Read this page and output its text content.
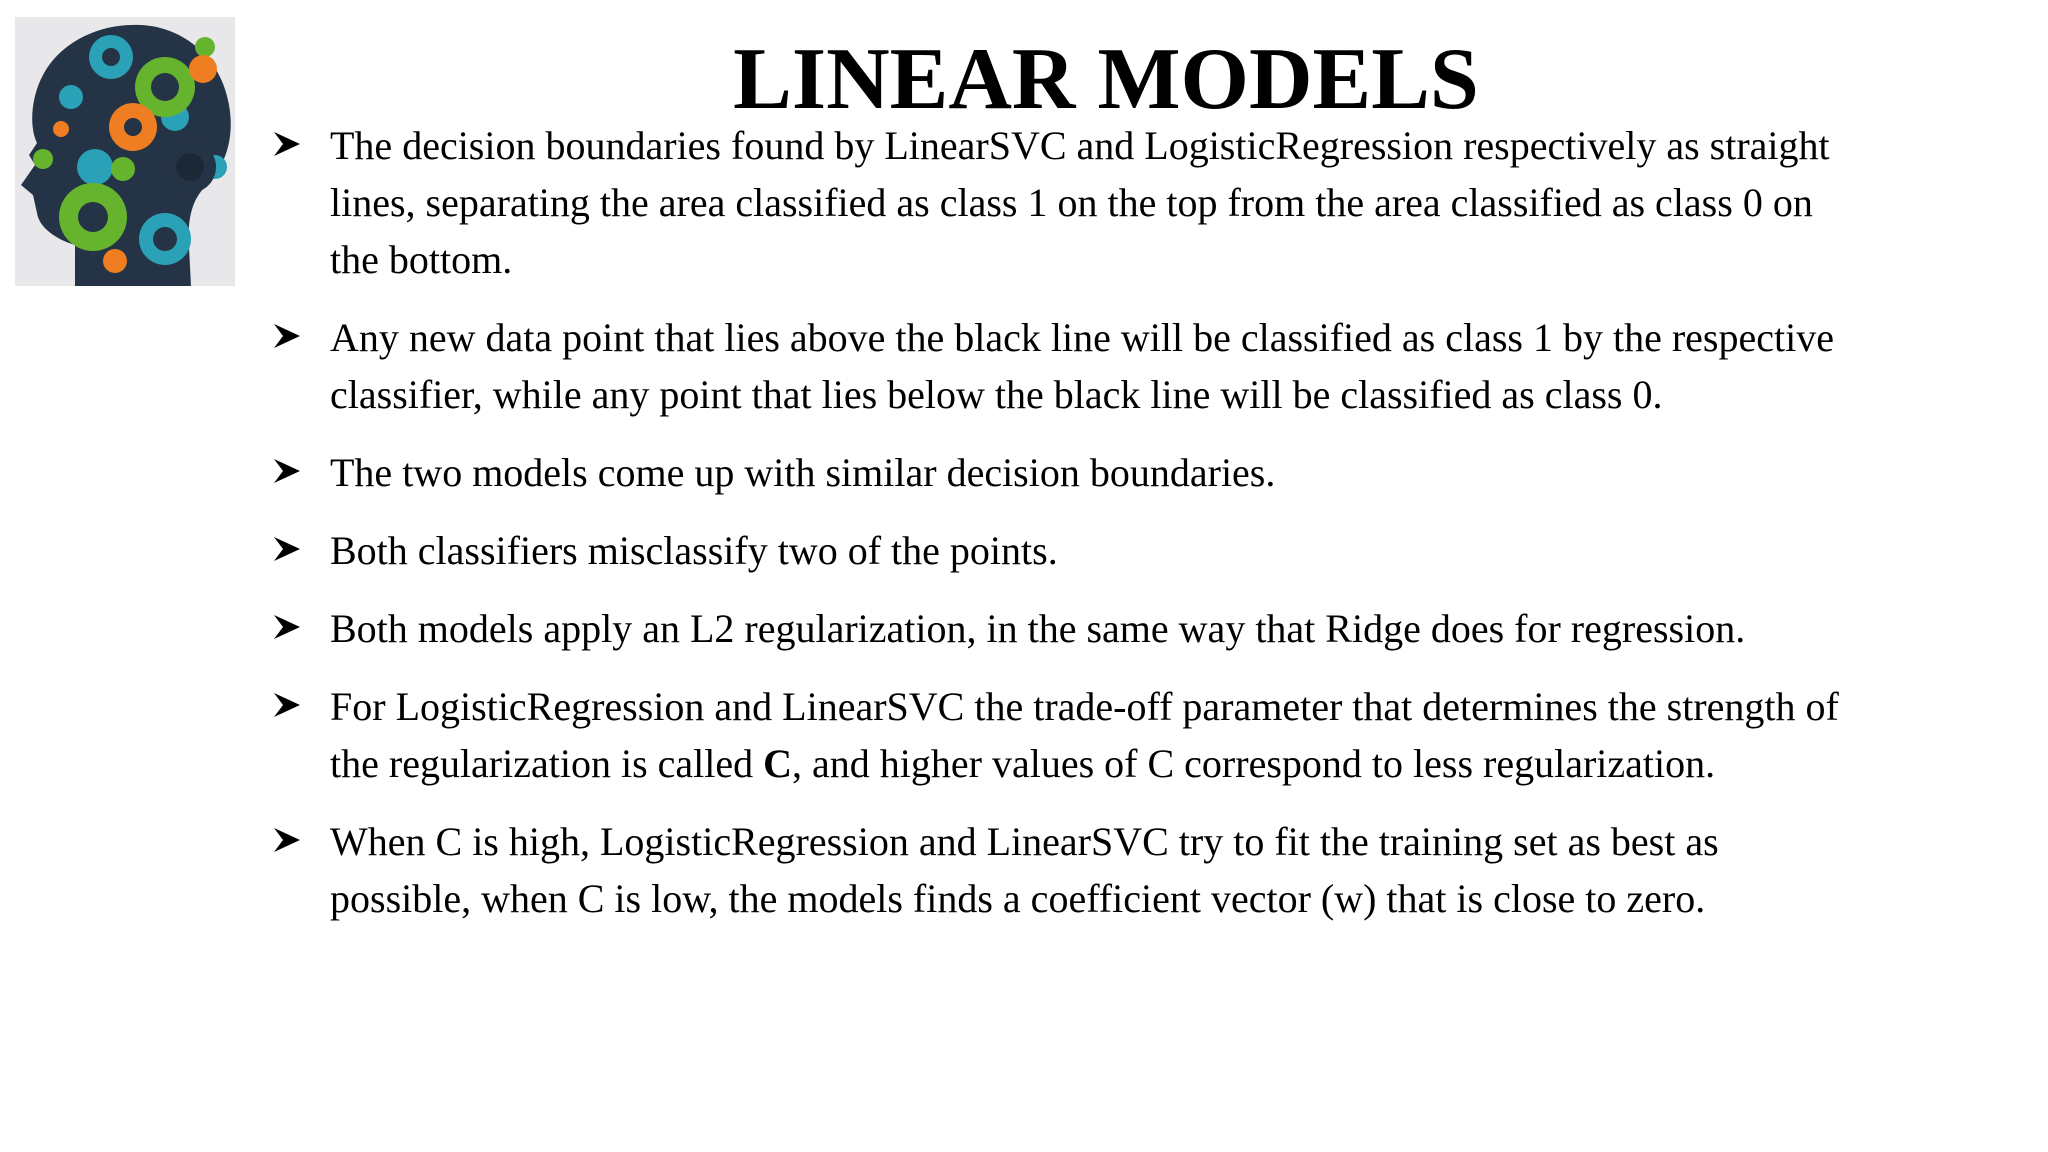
LINEAR MODELS
The decision boundaries found by LinearSVC and LogisticRegression respectively as straight
lines, separating the area classified as class 1 on the top from the area classified as class 0 on
the bottom.
Any new data point that lies above the black line will be classified as class 1 by the respective
classifier, while any point that lies below the black line will be classified as class 0.
The two models come up with similar decision boundaries.
Both classifiers misclassify two of the points.
Both models apply an L2 regularization, in the same way that Ridge does for regression.
For LogisticRegression and LinearSVC the trade-off parameter that determines the strength of
the regularization is called C, and higher values of C correspond to less regularization.
When C is high, LogisticRegression and LinearSVC try to fit the training set as best as
possible, when C is low, the models finds a coefficient vector (w) that is close to zero.
